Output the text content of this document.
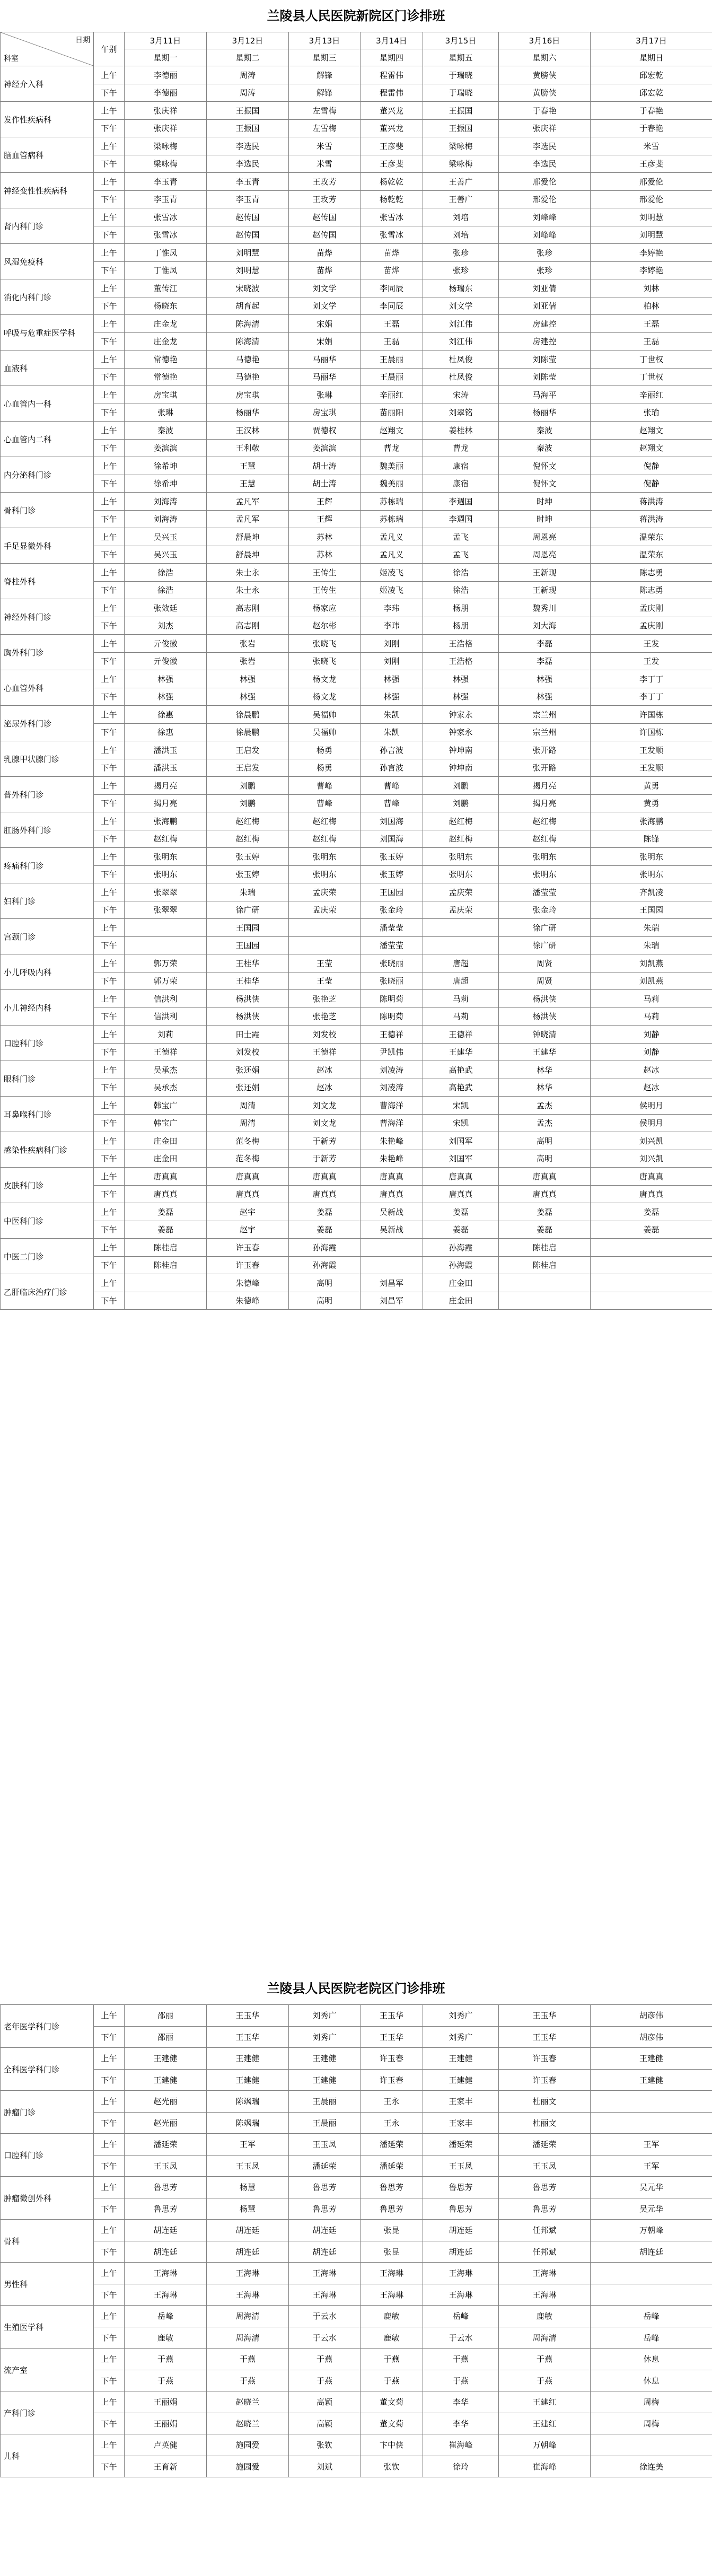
兰陵县人民医院新院区门诊排班
日期
科室	午别	3月11日	3月12日	3月13日	3月14日	3月15日	3月16日	3月17日
		星期一	星期二	星期三	星期四	星期五	星期六	星期日
神经介入科	上午	李德丽	周涛	解锋	程雷伟	于瑞晓	黄膀侠	邱宏乾
	下午	李德丽	周涛	解锋	程雷伟	于瑞晓	黄膀侠	邱宏乾
发作性疾病科	上午	张庆祥	王振国	左雪梅	董兴龙	王振国	于春艳	于春艳
	下午	张庆祥	王振国	左雪梅	董兴龙	王振国	张庆祥	于春艳
脑血管病科	上午	梁咏梅	李选民	米雪	王彦斐	梁咏梅	李选民	米雪
	下午	梁咏梅	李选民	米雪	王彦斐	梁咏梅	李选民	王彦斐
神经变性性疾病科	上午	李玉青	李玉青	王玫芳	杨乾乾	王善广	邢爱伦	邢爱伦
	下午	李玉青	李玉青	王玫芳	杨乾乾	王善广	邢爱伦	邢爱伦
肾内科门诊	上午	张雪冰	赵传国	赵传国	张雪冰	刘培	刘峰峰	刘明慧
	下午	张雪冰	赵传国	赵传国	张雪冰	刘培	刘峰峰	刘明慧
风湿免疫科	上午	丁惟凤	刘明慧	苗烨	苗烨	张珍	张珍	李婷艳
	下午	丁惟凤	刘明慧	苗烨	苗烨	张珍	张珍	李婷艳
消化内科门诊	上午	董传江	宋晓波	刘文学	李同辰	杨瑞东	刘亚倩	刘林
	下午	杨晓东	胡育起	刘文学	李同辰	刘文学	刘亚倩	柏林
呼吸与危重症医学科	上午	庄金龙	陈海清	宋娟	王磊	刘江伟	房建控	王磊
	下午	庄金龙	陈海清	宋娟	王磊	刘江伟	房建控	王磊
血液科	上午	常德艳	马德艳	马丽华	王晨丽	杜凤俊	刘陈莹	丁世权
	下午	常德艳	马德艳	马丽华	王晨丽	杜凤俊	刘陈莹	丁世权
心血管内一科	上午	房宝琪	房宝琪	张琳	辛丽红	宋涛	马海平	辛丽红
	下午	张琳	杨丽华	房宝琪	苗丽阳	刘翠铭	杨丽华	张瑜
心血管内二科	上午	秦波	王汉林	贾德权	赵翔文	姜桂林	秦波	赵翔文
	下午	姜滨滨	王利敬	姜滨滨	曹龙	曹龙	秦波	赵翔文
内分泌科门诊	上午	徐希坤	王慧	胡士涛	魏美丽	康宿	倪怀文	倪静
	下午	徐希坤	王慧	胡士涛	魏美丽	康宿	倪怀文	倪静
骨科门诊	上午	刘海涛	孟凡军	王辉	苏栋瑞	李週国	时坤	蒋洪涛
	下午	刘海涛	孟凡军	王辉	苏栋瑞	李週国	时坤	蒋洪涛
手足显微外科	上午	吴兴玉	舒晨坤	苏林	孟凡义	孟飞	周恩亮	温荣东
	下午	吴兴玉	舒晨坤	苏林	孟凡义	孟飞	周恩亮	温荣东
脊柱外科	上午	徐浩	朱士永	王传生	姬凌飞	徐浩	王新现	陈志勇
	下午	徐浩	朱士永	王传生	姬凌飞	徐浩	王新现	陈志勇
神经外科门诊	上午	张效廷	高志刚	杨家应	李玮	杨朋	魏秀川	孟庆刚
	下午	刘杰	高志刚	赵尔彬	李玮	杨朋	刘大海	孟庆刚
胸外科门诊	上午	亓俊徽	张岩	张晓飞	刘刚	王浩格	李磊	王发
	下午	亓俊徽	张岩	张晓飞	刘刚	王浩格	李磊	王发
心血管外科	上午	林强	林强	杨文龙	林强	林强	林强	李丁丁
	下午	林强	林强	杨文龙	林强	林强	林强	李丁丁
泌尿外科门诊	上午	徐惠	徐晨鹏	吴福帅	朱凯	钟家永	宗兰州	许国栋
	下午	徐惠	徐晨鹏	吴福帅	朱凯	钟家永	宗兰州	许国栋
乳腺甲状腺门诊	上午	潘洪玉	王启发	杨勇	孙言波	钟坤南	张开路	王发顺
	下午	潘洪玉	王启发	杨勇	孙言波	钟坤南	张开路	王发顺
普外科门诊	上午	揭月亮	刘鹏	曹峰	曹峰	刘鹏	揭月亮	黄勇
	下午	揭月亮	刘鹏	曹峰	曹峰	刘鹏	揭月亮	黄勇
肛肠外科门诊	上午	张海鹏	赵红梅	赵红梅	刘国海	赵红梅	赵红梅	张海鹏
	下午	赵红梅	赵红梅	赵红梅	刘国海	赵红梅	赵红梅	陈锋
疼痛科门诊	上午	张明东	张玉婷	张明东	张玉婷	张明东	张明东	张明东
	下午	张明东	张玉婷	张明东	张玉婷	张明东	张明东	张明东
妇科门诊	上午	张翠翠	朱瑞	孟庆荣	王国园	孟庆荣	潘莹莹	齐凯凌
	下午	张翠翠	徐广研	孟庆荣	张金玲	孟庆荣	张金玲	王国园
宫颈门诊	上午		王国园		潘莹莹		徐广研	朱瑞
	下午		王国园		潘莹莹		徐广研	朱瑞
小儿呼吸内科	上午	郭万荣	王桂华	王莹	张晓丽	唐超	周贤	刘凯燕
	下午	郭万荣	王桂华	王莹	张晓丽	唐超	周贤	刘凯燕
小儿神经内科	上午	信洪利	杨洪侠	张艳芝	陈明菊	马莉	杨洪侠	马莉
	下午	信洪利	杨洪侠	张艳芝	陈明菊	马莉	杨洪侠	马莉
口腔科门诊	上午	刘莉	田士霞	刘发校	王德祥	王德祥	钟晓清	刘静
	下午	王德祥	刘发校	王德祥	尹凯伟	王建华	王建华	刘静
眼科门诊	上午	吴承杰	张还娟	赵冰	刘凌涛	高艳武	林华	赵冰
	下午	吴承杰	张还娟	赵冰	刘凌涛	高艳武	林华	赵冰
耳鼻喉科门诊	上午	韩宝广	周清	刘文龙	曹海洋	宋凯	孟杰	侯明月
	下午	韩宝广	周清	刘文龙	曹海洋	宋凯	孟杰	侯明月
感染性疾病科门诊	上午	庄金田	范冬梅	于新芳	朱艳峰	刘国军	高明	刘兴凯
	下午	庄金田	范冬梅	于新芳	朱艳峰	刘国军	高明	刘兴凯
皮肤科门诊	上午	唐真真	唐真真	唐真真	唐真真	唐真真	唐真真	唐真真
	下午	唐真真	唐真真	唐真真	唐真真	唐真真	唐真真	唐真真
中医科门诊	上午	姜磊	赵宇	姜磊	吴新战	姜磊	姜磊	姜磊
	下午	姜磊	赵宇	姜磊	吴新战	姜磊	姜磊	姜磊
中医二门诊	上午	陈桂启	许玉春	孙海霞		孙海霞	陈桂启	
	下午	陈桂启	许玉春	孙海霞		孙海霞	陈桂启	
乙肝临床治疗门诊	上午		朱德峰	高明	刘昌军	庄金田		
	下午		朱德峰	高明	刘昌军	庄金田		
兰陵县人民医院老院区门诊排班
老年医学科门诊	上午	邵丽	王玉华	刘秀广	王玉华	刘秀广	王玉华	胡彦伟
	下午	邵丽	王玉华	刘秀广	王玉华	刘秀广	王玉华	胡彦伟
全科医学科门诊	上午	王建健	王建健	王建健	许玉春	王建健	许玉春	王建健
	下午	王建健	王建健	王建健	许玉春	王建健	许玉春	王建健
肿瘤门诊	上午	赵光丽	陈飒瑞	王晨丽	王永	王家丰	杜丽文	
	下午	赵光丽	陈飒瑞	王晨丽	王永	王家丰	杜丽文	
口腔科门诊	上午	潘延荣	王军	王玉凤	潘延荣	潘延荣	潘延荣	王军
	下午	王玉凤	王玉凤	潘延荣	潘延荣	王玉凤	王玉凤	王军
肿瘤微创外科	上午	鲁思芳	杨慧	鲁思芳	鲁思芳	鲁思芳	鲁思芳	吴元华
	下午	鲁思芳	杨慧	鲁思芳	鲁思芳	鲁思芳	鲁思芳	吴元华
骨科	上午	胡连廷	胡连廷	胡连廷	张昆	胡连廷	任邦斌	万朝峰
	下午	胡连廷	胡连廷	胡连廷	张昆	胡连廷	任邦斌	胡连廷
男性科	上午	王海琳	王海琳	王海琳	王海琳	王海琳	王海琳	
	下午	王海琳	王海琳	王海琳	王海琳	王海琳	王海琳	
生殖医学科	上午	岳峰	周海清	于云水	鹿敏	岳峰	鹿敏	岳峰
	下午	鹿敏	周海清	于云水	鹿敏	于云水	周海清	岳峰
流产室	上午	于燕	于燕	于燕	于燕	于燕	于燕	休息
	下午	于燕	于燕	于燕	于燕	于燕	于燕	休息
产科门诊	上午	王丽娟	赵晓兰	高颖	董文菊	李华	王建红	周梅
	下午	王丽娟	赵晓兰	高颖	董文菊	李华	王建红	周梅
儿科	上午	卢英健	施园爱	张钦	卞中侠	崔海峰	万朝峰	
	下午	王育新	施园爱	刘斌	张钦	徐玲	崔海峰	徐连美
